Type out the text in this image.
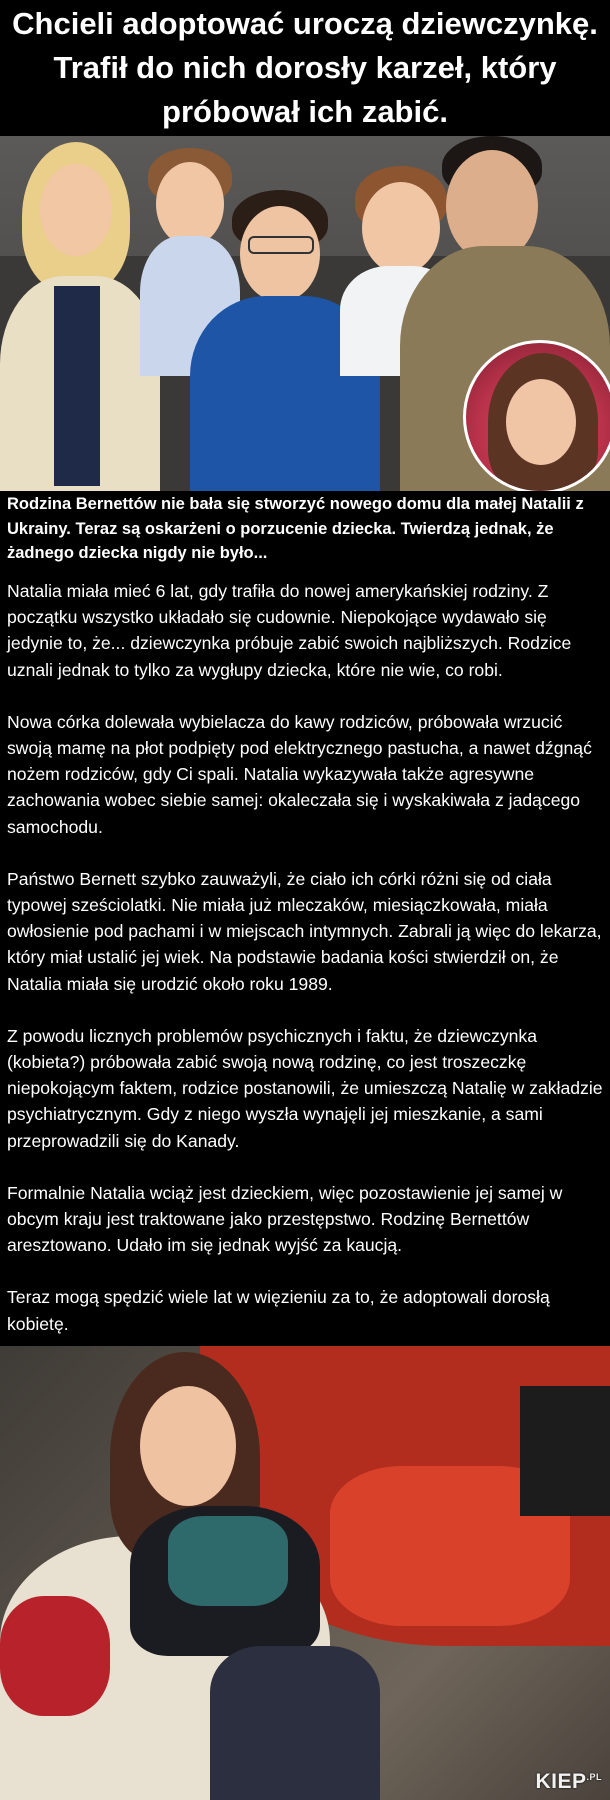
Chcieli adoptować uroczą dziewczynkę.
Trafił do nich dorosły karzeł, który
próbował ich zabić.
Rodzina Bernettów nie bała się stworzyć nowego domu dla małej Natalii z Ukrainy. Teraz są oskarżeni o porzucenie dziecka. Twierdzą jednak, że żadnego dziecka nigdy nie było...

Natalia miała mieć 6 lat, gdy trafiła do nowej amerykańskiej rodziny. Z początku wszystko układało się cudownie. Niepokojące wydawało się jedynie to, że... dziewczynka próbuje zabić swoich najbliższych. Rodzice uznali jednak to tylko za wygłupy dziecka, które nie wie, co robi.

Nowa córka dolewała wybielacza do kawy rodziców, próbowała wrzucić swoją mamę na płot podpięty pod elektrycznego pastucha, a nawet dźgnąć nożem rodziców, gdy Ci spali. Natalia wykazywała także agresywne zachowania wobec siebie samej: okaleczała się i wyskakiwała z jadącego samochodu.

Państwo Bernett szybko zauważyli, że ciało ich córki różni się od ciała typowej sześciolatki. Nie miała już mleczaków, miesiączkowała, miała owłosienie pod pachami i w miejscach intymnych. Zabrali ją więc do lekarza, który miał ustalić jej wiek. Na podstawie badania kości stwierdził on, że Natalia miała się urodzić około roku 1989.

Z powodu licznych problemów psychicznych i faktu, że dziewczynka (kobieta?) próbowała zabić swoją nową rodzinę, co jest troszeczkę niepokojącym faktem, rodzice postanowili, że umieszczą Natalię w zakładzie psychiatrycznym. Gdy z niego wyszła wynajęli jej mieszkanie, a sami przeprowadzili się do Kanady.

Formalnie Natalia wciąż jest dzieckiem, więc pozostawienie jej samej w obcym kraju jest traktowane jako przestępstwo. Rodzinę Bernettów aresztowano. Udało im się jednak wyjść za kaucją.

Teraz mogą spędzić wiele lat w więzieniu za to, że adoptowali dorosłą kobietę.

$KIEP^{.PL}$
